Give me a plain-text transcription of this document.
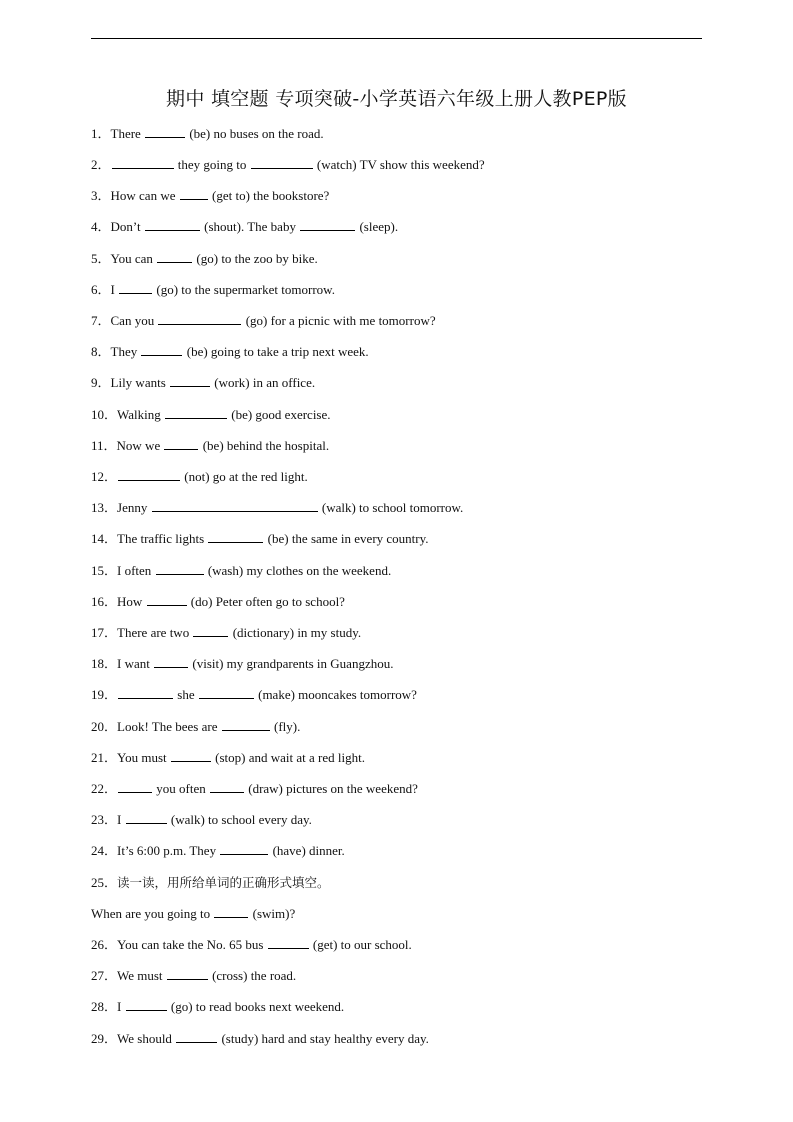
期中 填空题 专项突破-小学英语六年级上册人教PEP版
1．There	(be) no buses on the road.
2．	they going to	(watch) TV show this weekend?
3．How can we  (get to) the bookstore?
4．Don’t	(shout). The baby	(sleep).
5．You can	(go) to the zoo by bike.
6．I	(go) to the supermarket tomorrow.
7．Can you	(go) for a picnic with me tomorrow?
8．They	(be) going to take a trip next week.
9．Lily wants	(work) in an office.
10．Walking	(be) good exercise.
11．Now we	(be) behind the hospital.
12．	(not) go at the red light.
13．Jenny	(walk) to school tomorrow.
14．The traffic lights	(be) the same in every country.
15．I often	(wash) my clothes on the weekend.
16．How	(do) Peter often go to school?
17．There are two	(dictionary) in my study.
18．I want	(visit) my grandparents in Guangzhou.
19．	she	(make) mooncakes tomorrow?
20．Look! The bees are	(fly).
21．You must	(stop) and wait at a red light.
22．	you often	(draw) pictures on the weekend?
23．I	(walk) to school every day.
24．It’s 6:00 p.m. They	(have) dinner.
25．读一读，用所给单词的正确形式填空。
When are you going to	(swim)?
26．You can take the No. 65 bus	(get) to our school.
27．We must	(cross) the road.
28．I	(go) to read books next weekend.
29．We should	(study) hard and stay healthy every day.
